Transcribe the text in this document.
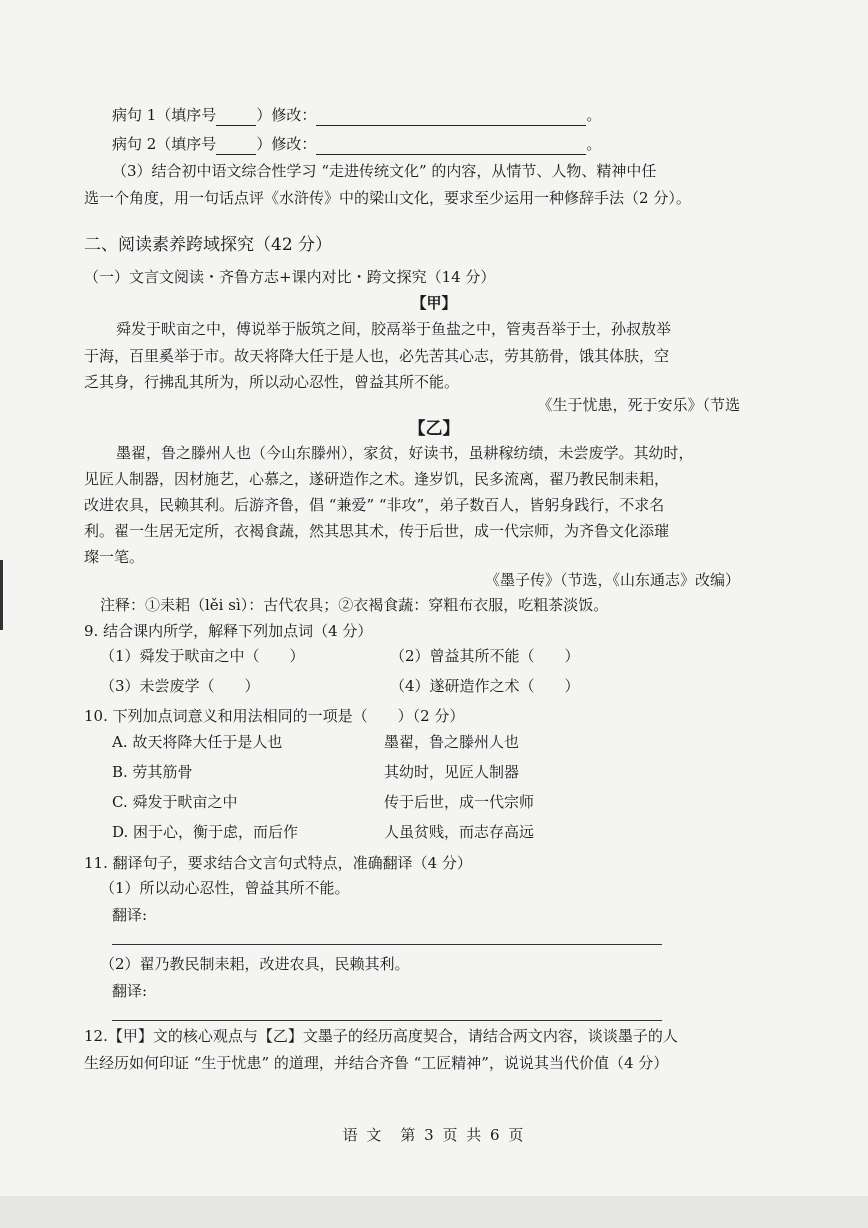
病句 1（填序号	）修改：	。
病句 2（填序号	）修改：	。
（3）结合初中语文综合性学习 “走进传统文化” 的内容，从情节、人物、精神中任
选一个角度，用一句话点评《水浒传》中的梁山文化，要求至少运用一种修辞手法（2 分）。
二、阅读素养跨域探究（42 分）
（一）文言文阅读・齐鲁方志+课内对比・跨文探究（14 分）
【甲】
舜发于畎亩之中，傅说举于版筑之间，胶鬲举于鱼盐之中，管夷吾举于士，孙叔敖举
于海，百里奚举于市。故天将降大任于是人也，必先苦其心志，劳其筋骨，饿其体肤，空
乏其身，行拂乱其所为，所以动心忍性，曾益其所不能。
《生于忧患，死于安乐》（节选
【乙】
墨翟，鲁之滕州人也（今山东滕州），家贫，好读书，虽耕稼纺绩，未尝废学。其幼时，
见匠人制器，因材施艺，心慕之，遂研造作之术。逢岁饥，民多流离，翟乃教民制耒耜，
改进农具，民赖其利。后游齐鲁，倡 “兼爱” “非攻”，弟子数百人，皆躬身践行，不求名
利。翟一生居无定所，衣褐食蔬，然其思其术，传于后世，成一代宗师，为齐鲁文化添璀
璨一笔。
《墨子传》（节选，《山东通志》改编）
注释：①耒耜（lěi sì）：古代农具；②衣褐食蔬：穿粗布衣服，吃粗茶淡饭。
9. 结合课内所学，解释下列加点词（4 分）
（1）舜发于畎亩之中（　　）	（2）曾益其所不能（　　）
（3）未尝废学（　　）	（4）遂研造作之术（　　）
10. 下列加点词意义和用法相同的一项是（　　）（2 分）
A. 故天将降大任于是人也	墨翟，鲁之滕州人也
B. 劳其筋骨	其幼时，见匠人制器
C. 舜发于畎亩之中	传于后世，成一代宗师
D. 困于心，衡于虑，而后作	人虽贫贱，而志存高远
11. 翻译句子，要求结合文言句式特点，准确翻译（4 分）
（1）所以动心忍性，曾益其所不能。
翻译:
（2）翟乃教民制耒耜，改进农具，民赖其利。
翻译:
12.【甲】文的核心观点与【乙】文墨子的经历高度契合，请结合两文内容，谈谈墨子的人
生经历如何印证 “生于忧患” 的道理，并结合齐鲁 “工匠精神”，说说其当代价值（4 分）
语 文　第 3 页 共 6 页
